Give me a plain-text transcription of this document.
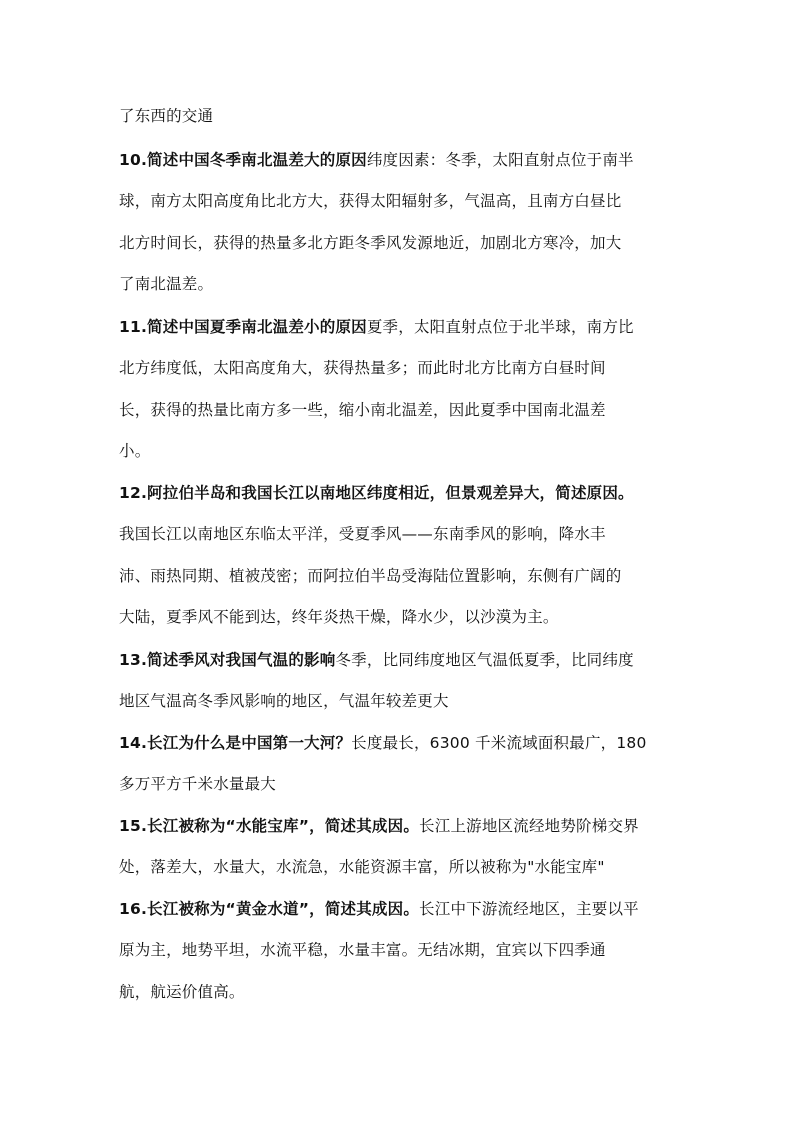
了东西的交通
10.简述中国冬季南北温差大的原因纬度因素：冬季，太阳直射点位于南半
球，南方太阳高度角比北方大，获得太阳辐射多，气温高，且南方白昼比
北方时间长，获得的热量多北方距冬季风发源地近，加剧北方寒冷，加大
了南北温差。
11.简述中国夏季南北温差小的原因夏季，太阳直射点位于北半球，南方比
北方纬度低，太阳高度角大，获得热量多；而此时北方比南方白昼时间
长，获得的热量比南方多一些，缩小南北温差，因此夏季中国南北温差
小。
12.阿拉伯半岛和我国长江以南地区纬度相近，但景观差异大，简述原因。
我国长江以南地区东临太平洋，受夏季风——东南季风的影响，降水丰
沛、雨热同期、植被茂密；而阿拉伯半岛受海陆位置影响，东侧有广阔的
大陆，夏季风不能到达，终年炎热干燥，降水少，以沙漠为主。
13.简述季风对我国气温的影响冬季，比同纬度地区气温低夏季，比同纬度
地区气温高冬季风影响的地区，气温年较差更大
14.长江为什么是中国第一大河？长度最长，6300 千米流域面积最广，180
多万平方千米水量最大
15.长江被称为“水能宝库”，简述其成因。长江上游地区流经地势阶梯交界
处，落差大，水量大，水流急，水能资源丰富，所以被称为"水能宝库"
16.长江被称为“黄金水道”，简述其成因。长江中下游流经地区，主要以平
原为主，地势平坦，水流平稳，水量丰富。无结冰期，宜宾以下四季通
航，航运价值高。
